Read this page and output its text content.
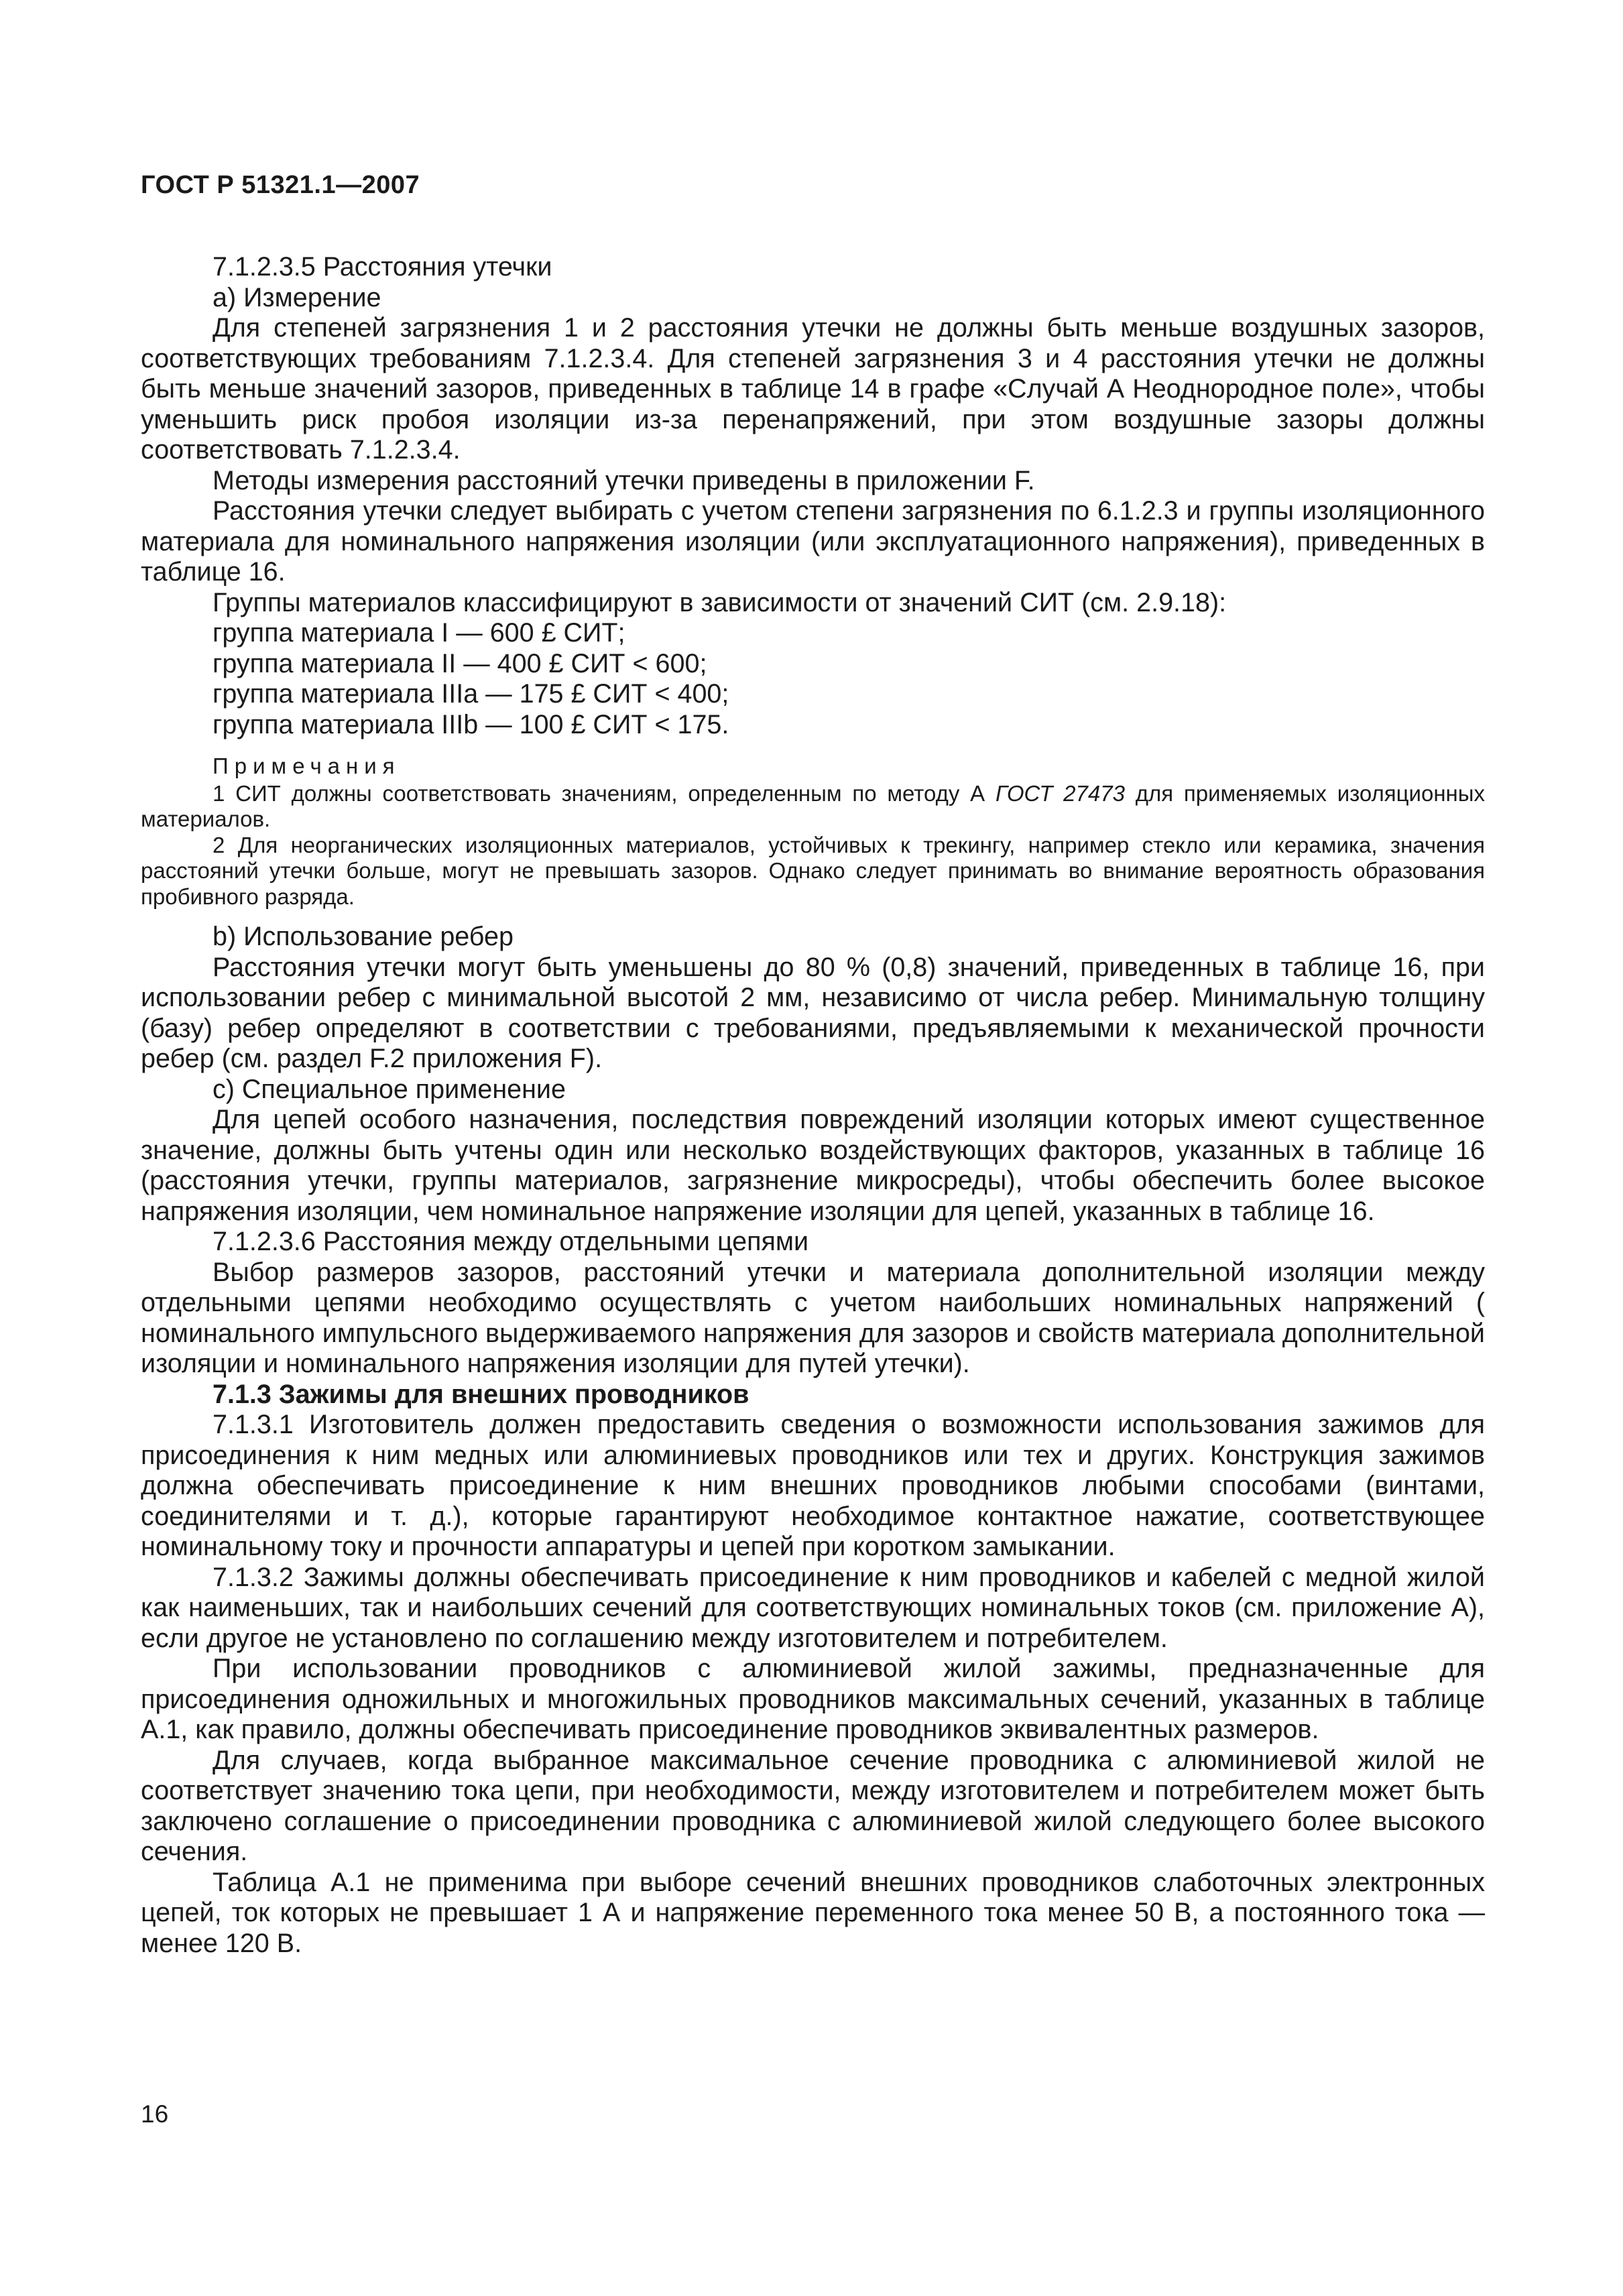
ГОСТ Р 51321.1—2007

7.1.2.3.5 Расстояния утечки

a) Измерение

Для степеней загрязнения 1 и 2 расстояния утечки не должны быть меньше воздушных зазоров, соответствующих требованиям 7.1.2.3.4. Для степеней загрязнения 3 и 4 расстояния утечки не должны быть меньше значений зазоров, приведенных в таблице 14 в графе «Случай А Неоднородное поле», чтобы уменьшить риск пробоя изоляции из-за перенапряжений, при этом воздушные зазоры должны соответствовать 7.1.2.3.4.

Методы измерения расстояний утечки приведены в приложении F.

Расстояния утечки следует выбирать с учетом степени загрязнения по 6.1.2.3 и группы изоляционного материала для номинального напряжения изоляции (или эксплуатационного напряжения), приведенных в таблице 16.

Группы материалов классифицируют в зависимости от значений СИТ (см. 2.9.18):

группа материала I — 600 £ СИТ;

группа материала II — 400 £ СИТ < 600;

группа материала IIIa — 175 £ СИТ < 400;

группа материала IIIb — 100 £ СИТ < 175.

Примечания

1 СИТ должны соответствовать значениям, определенным по методу А ГОСТ 27473 для применяемых изоляционных материалов.

2 Для неорганических изоляционных материалов, устойчивых к трекингу, например стекло или керамика, значения расстояний утечки больше, могут не превышать зазоров. Однако следует принимать во внимание вероятность образования пробивного разряда.

b) Использование ребер

Расстояния утечки могут быть уменьшены до 80 % (0,8) значений, приведенных в таблице 16, при использовании ребер с минимальной высотой 2 мм, независимо от числа ребер. Минимальную толщину (базу) ребер определяют в соответствии с требованиями, предъявляемыми к механической прочности ребер (см. раздел F.2 приложения F).

c) Специальное применение

Для цепей особого назначения, последствия повреждений изоляции которых имеют существенное значение, должны быть учтены один или несколько воздействующих факторов, указанных в таблице 16 (расстояния утечки, группы материалов, загрязнение микросреды), чтобы обеспечить более высокое напряжения изоляции, чем номинальное напряжение изоляции для цепей, указанных в таблице 16.

7.1.2.3.6 Расстояния между отдельными цепями

Выбор размеров зазоров, расстояний утечки и материала дополнительной изоляции между отдельными цепями необходимо осуществлять с учетом наибольших номинальных напряжений ( номинального импульсного выдерживаемого напряжения для зазоров и свойств материала дополнительной изоляции и номинального напряжения изоляции для путей утечки).

7.1.3 Зажимы для внешних проводников

7.1.3.1 Изготовитель должен предоставить сведения о возможности использования зажимов для присоединения к ним медных или алюминиевых проводников или тех и других. Конструкция зажимов должна обеспечивать присоединение к ним внешних проводников любыми способами (винтами, соединителями и т. д.), которые гарантируют необходимое контактное нажатие, соответствующее номинальному току и прочности аппаратуры и цепей при коротком замыкании.

7.1.3.2 Зажимы должны обеспечивать присоединение к ним проводников и кабелей с медной жилой как наименьших, так и наибольших сечений для соответствующих номинальных токов (см. приложение А), если другое не установлено по соглашению между изготовителем и потребителем.

При использовании проводников с алюминиевой жилой зажимы, предназначенные для присоединения одножильных и многожильных проводников максимальных сечений, указанных в таблице А.1, как правило, должны обеспечивать присоединение проводников эквивалентных размеров.

Для случаев, когда выбранное максимальное сечение проводника с алюминиевой жилой не соответствует значению тока цепи, при необходимости, между изготовителем и потребителем может быть заключено соглашение о присоединении проводника с алюминиевой жилой следующего более высокого сечения.

Таблица А.1 не применима при выборе сечений внешних проводников слаботочных электронных цепей, ток которых не превышает 1 А и напряжение переменного тока менее 50 В, а постоянного тока — менее 120 В.

16
